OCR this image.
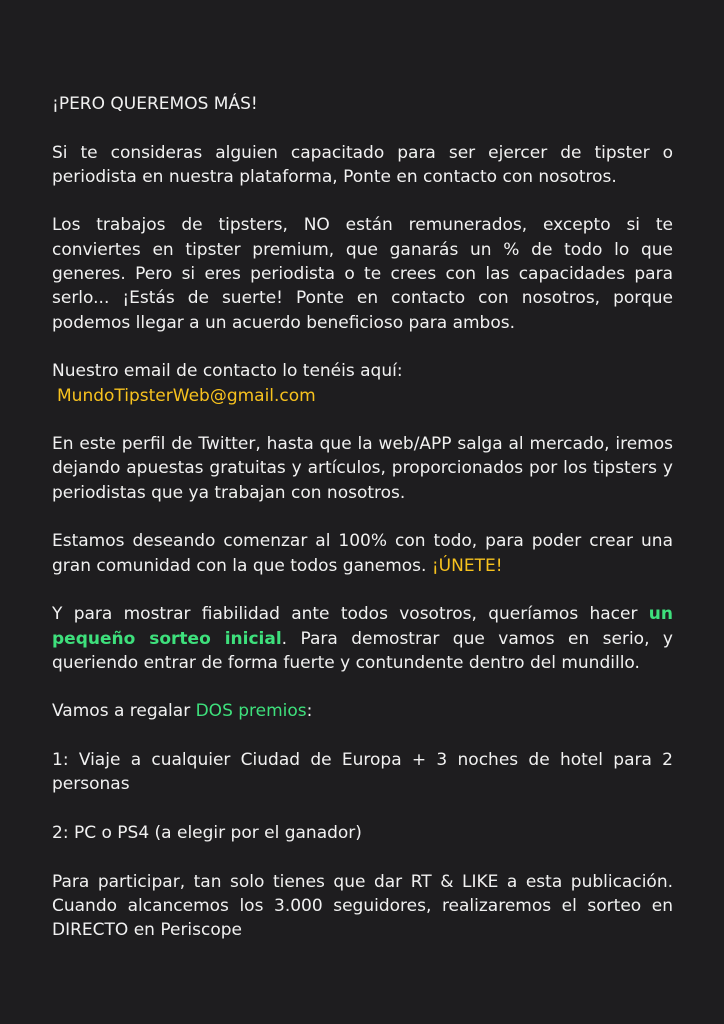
¡PERO QUEREMOS MÁS!

Si te consideras alguien capacitado para ser ejercer de tipster o periodista en nuestra plataforma, Ponte en contacto con nosotros.

Los trabajos de tipsters, NO están remunerados, excepto si te conviertes en tipster premium, que ganarás un % de todo lo que generes. Pero si eres periodista o te crees con las capacidades para serlo... ¡Estás de suerte! Ponte en contacto con nosotros, porque podemos llegar a un acuerdo beneficioso para ambos.

Nuestro email de contacto lo tenéis aquí:
MundoTipsterWeb@gmail.com

En este perfil de Twitter, hasta que la web/APP salga al mercado, iremos dejando apuestas gratuitas y artículos, proporcionados por los tipsters y periodistas que ya trabajan con nosotros.

Estamos deseando comenzar al 100% con todo, para poder crear una gran comunidad con la que todos ganemos. ¡ÚNETE!

Y para mostrar fiabilidad ante todos vosotros, queríamos hacer un pequeño sorteo inicial. Para demostrar que vamos en serio, y queriendo entrar de forma fuerte y contundente dentro del mundillo.

Vamos a regalar DOS premios:

1: Viaje a cualquier Ciudad de Europa + 3 noches de hotel para 2 personas

2: PC o PS4 (a elegir por el ganador)

Para participar, tan solo tienes que dar RT & LIKE a esta publicación. Cuando alcancemos los 3.000 seguidores, realizaremos el sorteo en DIRECTO en Periscope
